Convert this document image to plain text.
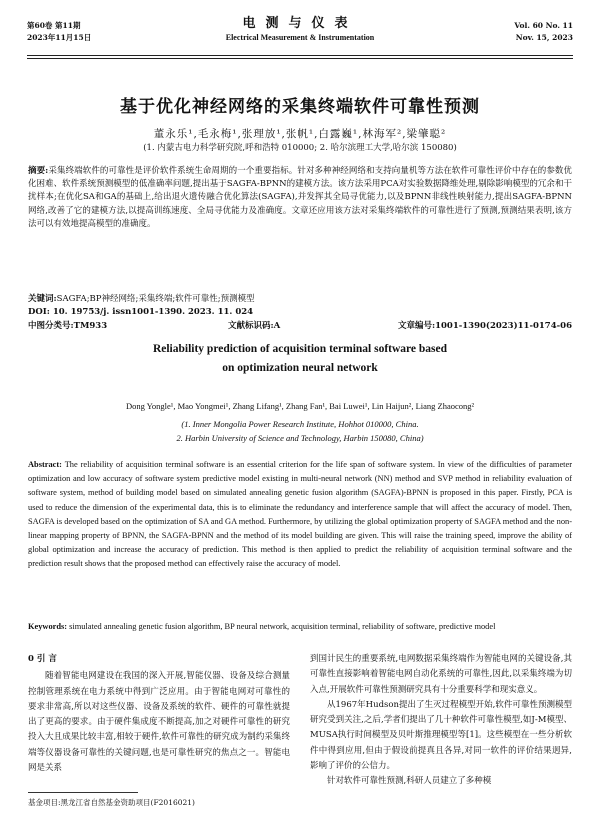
第60卷 第11期
2023年11月15日
电测与仪表
Electrical Measurement & Instrumentation
Vol. 60 No. 11
Nov. 15, 2023
基于优化神经网络的采集终端软件可靠性预测
董永乐¹,毛永梅¹,张理放¹,张帆¹,白露巍¹,林海军²,梁肇聪²
(1. 内蒙古电力科学研究院,呼和浩特 010000; 2. 哈尔滨理工大学,哈尔滨 150080)

摘要:采集终端软件的可靠性是评价软件系统生命周期的一个重要指标。针对多种神经网络和支持向量机等方法在软件可靠性评价中存在的参数优化困难、软件系统预测模型的低准确率问题,提出基于SAGFA-BPNN的建模方法。该方法采用PCA对实验数据降维处理,剔除影响模型的冗余和干扰样本;在优化SA和GA的基础上,给出退火遗传融合优化算法(SAGFA),并发挥其全局寻优能力,以及BPNN非线性映射能力,提出SAGFA-BPNN网络,改善了它的建模方法,以提高训练速度、全局寻优能力及准确度。文章还应用该方法对采集终端软件的可靠性进行了预测,预测结果表明,该方法可以有效地提高模型的准确度。

关键词:SAGFA;BP神经网络;采集终端;软件可靠性;预测模型

DOI: 10. 19753/j. issn1001-1390. 2023. 11. 024

中图分类号:TM933	文献标识码:A	文章编号:1001-1390(2023)11-0174-06
Reliability prediction of acquisition terminal software based
on optimization neural network
Dong Yongle¹, Mao Yongmei¹, Zhang Lifang¹, Zhang Fan¹, Bai Luwei¹, Lin Haijun², Liang Zhaocong²
(1. Inner Mongolia Power Research Institute, Hohhot 010000, China.
2. Harbin University of Science and Technology, Harbin 150080, China)

Abstract: The reliability of acquisition terminal software is an essential criterion for the life span of software system. In view of the difficulties of parameter optimization and low accuracy of software system predictive model existing in multi-neural network (NN) method and SVP method in reliability evaluation of software system, method of building model based on simulated annealing genetic fusion algorithm (SAGFA)-BPNN is proposed in this paper. Firstly, PCA is used to reduce the dimension of the experimental data, this is to eliminate the redundancy and interference sample that will affect the accuracy of model. Then, SAGFA is developed based on the optimization of SA and GA method. Furthermore, by utilizing the global optimization property of SAGFA method and the non-linear mapping property of BPNN, the SAGFA-BPNN and the method of its model building are given. This will raise the training speed, improve the ability of global optimization and increase the accuracy of prediction. This method is then applied to predict the reliability of acquisition terminal software and the prediction result shows that the proposed method can effectively raise the accuracy of model.

Keywords: simulated annealing genetic fusion algorithm, BP neural network, acquisition terminal, reliability of software, predictive model

0 引 言
随着智能电网建设在我国的深入开展,智能仪器、设备及综合测量控制管理系统在电力系统中得到广泛应用。由于智能电网对可靠性的要求非常高,所以对这些仪器、设备及系统的软件、硬件的可靠性就提出了更高的要求。由于硬件集成度不断提高,加之对硬件可靠性的研究投入大且成果比较丰富,相较于硬件,软件可靠性的研究成为制约采集终端等仪器设备可靠性的关键问题,也是可靠性研究的焦点之一。智能电网是关系
到国计民生的重要系统,电网数据采集终端作为智能电网的关键设备,其可靠性直接影响着智能电网自动化系统的可靠性,因此,以采集终端为切入点,开展软件可靠性预测研究具有十分重要科学和现实意义。
从1967年Hudson提出了生灭过程模型开始,软件可靠性预测模型研究受到关注,之后,学者们提出了几十种软件可靠性模型,如J-M模型、MUSA执行时间模型及贝叶斯推理模型等[1]。这些模型在一些分析软件中得到应用,但由于假设前提真且各异,对同一软件的评价结果迥异,影响了评价的公信力。
针对软件可靠性预测,科研人员建立了多种模
基金项目:黑龙江省自然基金资助项目(F2016021)
